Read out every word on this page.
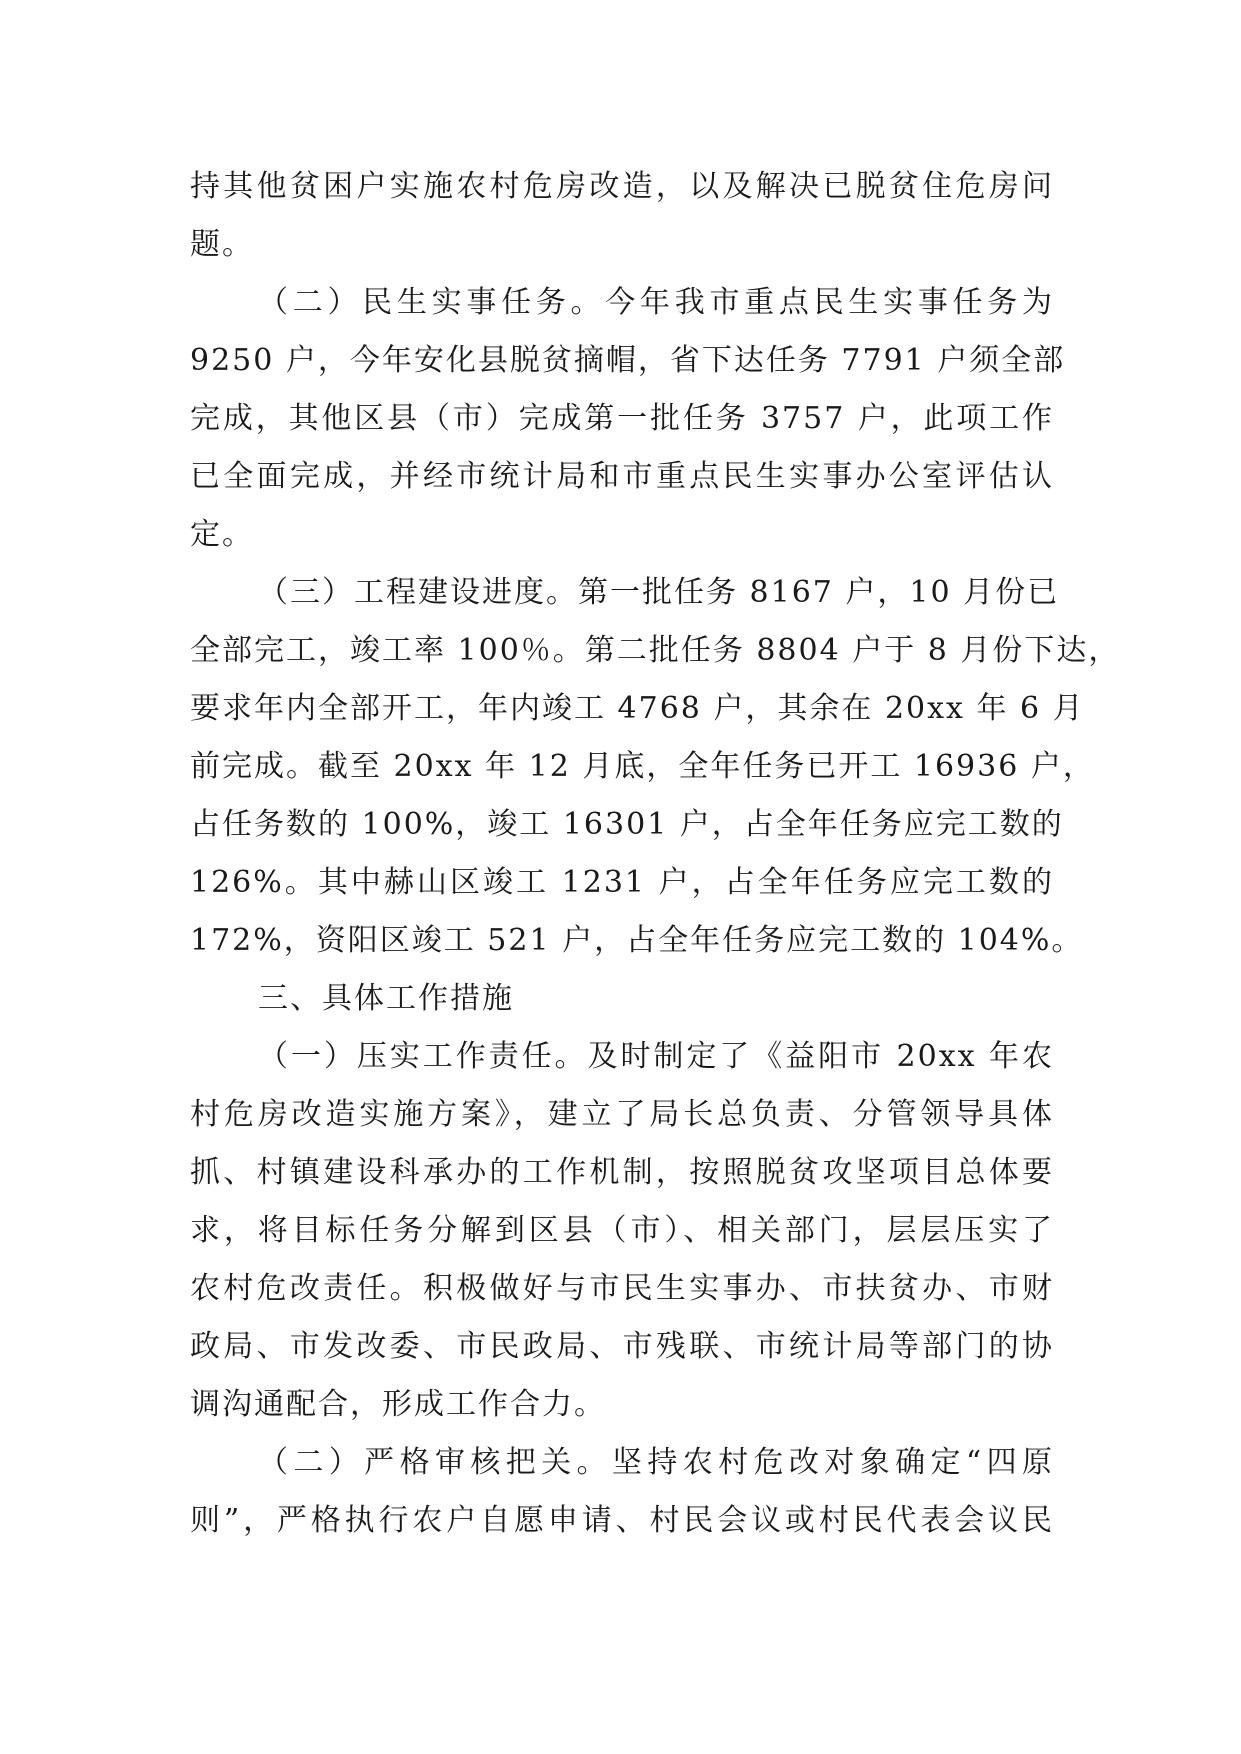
持其他贫困户实施农村危房改造，以及解决已脱贫住危房问
题。
（二）民生实事任务。今年我市重点民生实事任务为
9250 户，今年安化县脱贫摘帽，省下达任务 7791 户须全部
完成，其他区县（市）完成第一批任务 3757 户，此项工作
已全面完成，并经市统计局和市重点民生实事办公室评估认
定。
（三）工程建设进度。第一批任务 8167 户，10 月份已
全部完工，竣工率 100％。第二批任务 8804 户于 8 月份下达，
要求年内全部开工，年内竣工 4768 户，其余在 20xx 年 6 月
前完成。截至 20xx 年 12 月底，全年任务已开工 16936 户，
占任务数的 100%，竣工 16301 户，占全年任务应完工数的
126%。其中赫山区竣工 1231 户，占全年任务应完工数的
172%，资阳区竣工 521 户，占全年任务应完工数的 104%。
三、具体工作措施
（一）压实工作责任。及时制定了《益阳市 20xx 年农
村危房改造实施方案》，建立了局长总负责、分管领导具体
抓、村镇建设科承办的工作机制，按照脱贫攻坚项目总体要
求，将目标任务分解到区县（市）、相关部门，层层压实了
农村危改责任。积极做好与市民生实事办、市扶贫办、市财
政局、市发改委、市民政局、市残联、市统计局等部门的协
调沟通配合，形成工作合力。
（二）严格审核把关。坚持农村危改对象确定“四原
则”，严格执行农户自愿申请、村民会议或村民代表会议民
